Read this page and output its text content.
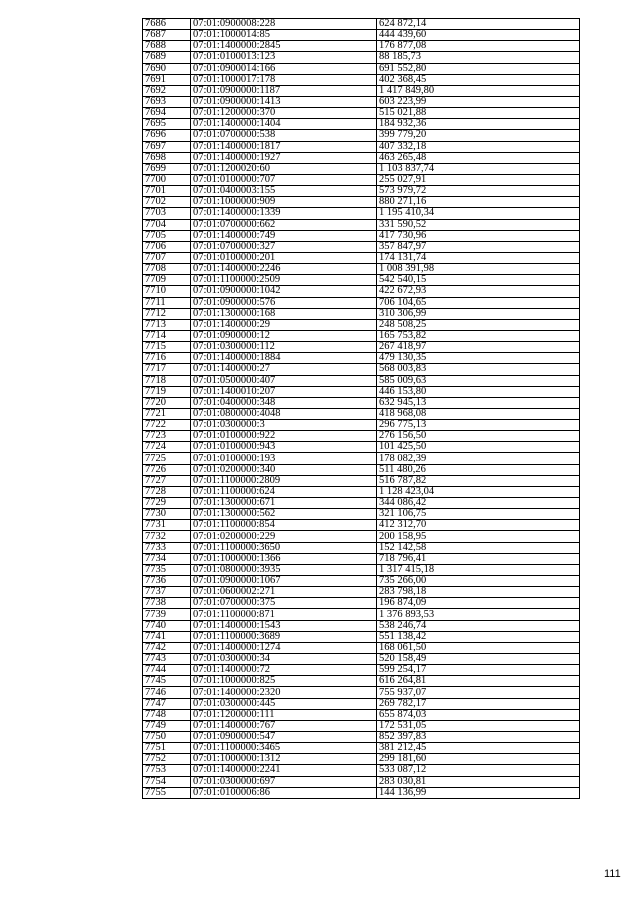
7686	07:01:0900008:228	624 872,14
7687	07:01:1000014:85	444 439,60
7688	07:01:1400000:2845	176 877,08
7689	07:01:0100013:123	88 185,73
7690	07:01:0900014:166	691 552,80
7691	07:01:1000017:178	402 368,45
7692	07:01:0900000:1187	1 417 849,80
7693	07:01:0900000:1413	603 223,99
7694	07:01:1200000:370	515 021,88
7695	07:01:1400000:1404	184 932,36
7696	07:01:0700000:538	399 779,20
7697	07:01:1400000:1817	407 332,18
7698	07:01:1400000:1927	463 265,48
7699	07:01:1200020:60	1 103 837,74
7700	07:01:0100000:707	255 027,91
7701	07:01:0400003:155	573 979,72
7702	07:01:1000000:909	880 271,16
7703	07:01:1400000:1339	1 195 410,34
7704	07:01:0700000:662	331 590,52
7705	07:01:1400000:749	417 730,96
7706	07:01:0700000:327	357 847,97
7707	07:01:0100000:201	174 131,74
7708	07:01:1400000:2246	1 008 391,98
7709	07:01:1100000:2509	542 540,15
7710	07:01:0900000:1042	422 672,93
7711	07:01:0900000:576	706 104,65
7712	07:01:1300000:168	310 306,99
7713	07:01:1400000:29	248 508,25
7714	07:01:0900000:12	165 753,82
7715	07:01:0300000:112	267 418,97
7716	07:01:1400000:1884	479 130,35
7717	07:01:1400000:27	568 003,83
7718	07:01:0500000:407	585 009,63
7719	07:01:1400010:207	446 153,80
7720	07:01:0400000:348	632 945,13
7721	07:01:0800000:4048	418 968,08
7722	07:01:0300000:3	296 775,13
7723	07:01:0100000:922	276 156,50
7724	07:01:0100000:943	101 425,50
7725	07:01:0100000:193	178 082,39
7726	07:01:0200000:340	511 480,26
7727	07:01:1100000:2809	516 787,82
7728	07:01:1100000:624	1 128 423,04
7729	07:01:1300000:671	344 086,42
7730	07:01:1300000:562	321 106,75
7731	07:01:1100000:854	412 312,70
7732	07:01:0200000:229	200 158,95
7733	07:01:1100000:3650	152 142,58
7734	07:01:1000000:1366	718 796,41
7735	07:01:0800000:3935	1 317 415,18
7736	07:01:0900000:1067	735 266,00
7737	07:01:0600002:271	283 798,18
7738	07:01:0700000:375	196 874,09
7739	07:01:1100000:871	1 376 893,53
7740	07:01:1400000:1543	538 246,74
7741	07:01:1100000:3689	551 138,42
7742	07:01:1400000:1274	168 061,50
7743	07:01:0300000:34	520 158,49
7744	07:01:1400000:72	599 254,17
7745	07:01:1000000:825	616 264,81
7746	07:01:1400000:2320	755 937,07
7747	07:01:0300000:445	269 782,17
7748	07:01:1200000:111	655 874,03
7749	07:01:1400000:767	172 531,05
7750	07:01:0900000:547	852 397,83
7751	07:01:1100000:3465	381 212,45
7752	07:01:1000000:1312	299 181,60
7753	07:01:1400000:2241	533 087,12
7754	07:01:0300000:697	283 030,81
7755	07:01:0100006:86	144 136,99
111
